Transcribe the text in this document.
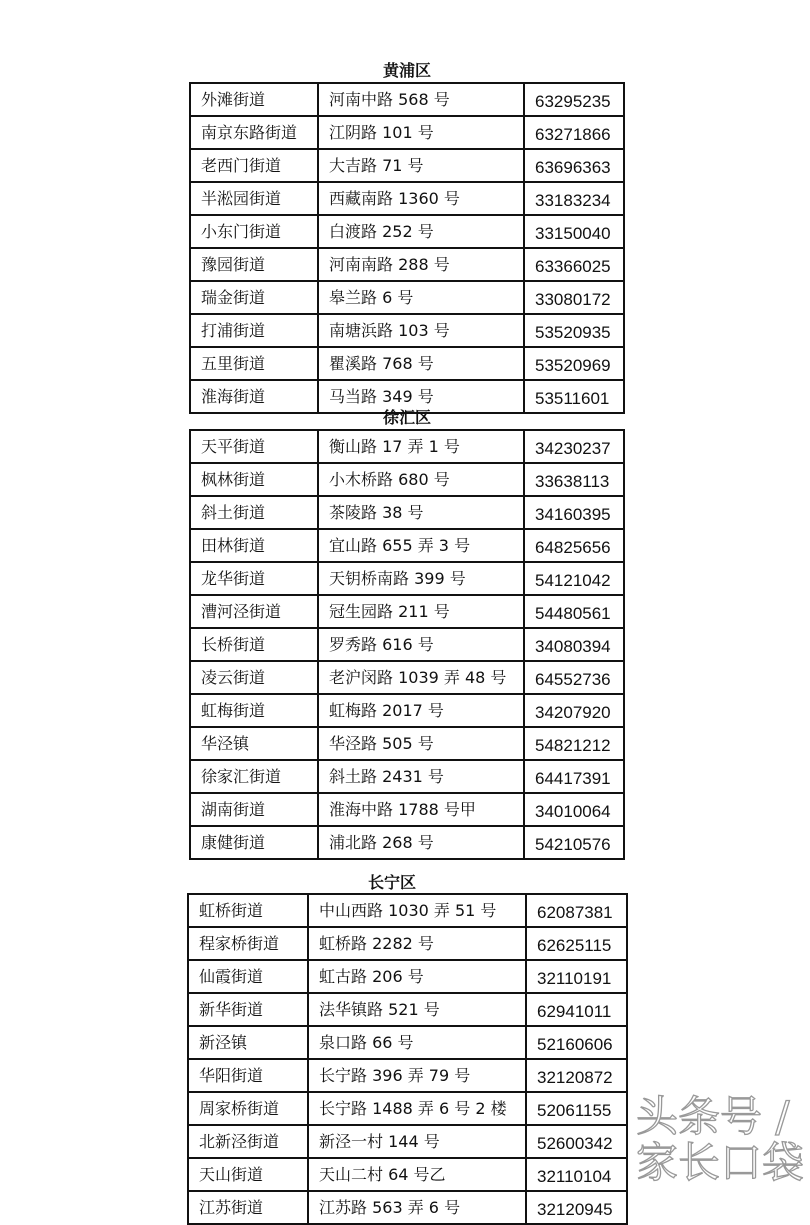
黄浦区
外滩街道	河南中路 568 号	63295235
南京东路街道	江阴路 101 号	63271866
老西门街道	大吉路 71 号	63696363
半淞园街道	西藏南路 1360 号	33183234
小东门街道	白渡路 252 号	33150040
豫园街道	河南南路 288 号	63366025
瑞金街道	皋兰路 6 号	33080172
打浦街道	南塘浜路 103 号	53520935
五里街道	瞿溪路 768 号	53520969
淮海街道	马当路 349 号	53511601
徐汇区
天平街道	衡山路 17 弄 1 号	34230237
枫林街道	小木桥路 680 号	33638113
斜土街道	茶陵路 38 号	34160395
田林街道	宜山路 655 弄 3 号	64825656
龙华街道	天钥桥南路 399 号	54121042
漕河泾街道	冠生园路 211 号	54480561
长桥街道	罗秀路 616 号	34080394
凌云街道	老沪闵路 1039 弄 48 号	64552736
虹梅街道	虹梅路 2017 号	34207920
华泾镇	华泾路 505 号	54821212
徐家汇街道	斜土路 2431 号	64417391
湖南街道	淮海中路 1788 号甲	34010064
康健街道	浦北路 268 号	54210576
长宁区
虹桥街道	中山西路 1030 弄 51 号	62087381
程家桥街道	虹桥路 2282 号	62625115
仙霞街道	虹古路 206 号	32110191
新华街道	法华镇路 521 号	62941011
新泾镇	泉口路 66 号	52160606
华阳街道	长宁路 396 弄 79 号	32120872
周家桥街道	长宁路 1488 弄 6 号 2 楼	52061155
北新泾街道	新泾一村 144 号	52600342
天山街道	天山二村 64 号乙	32110104
江苏街道	江苏路 563 弄 6 号	32120945
头条号 / 家长口袋
